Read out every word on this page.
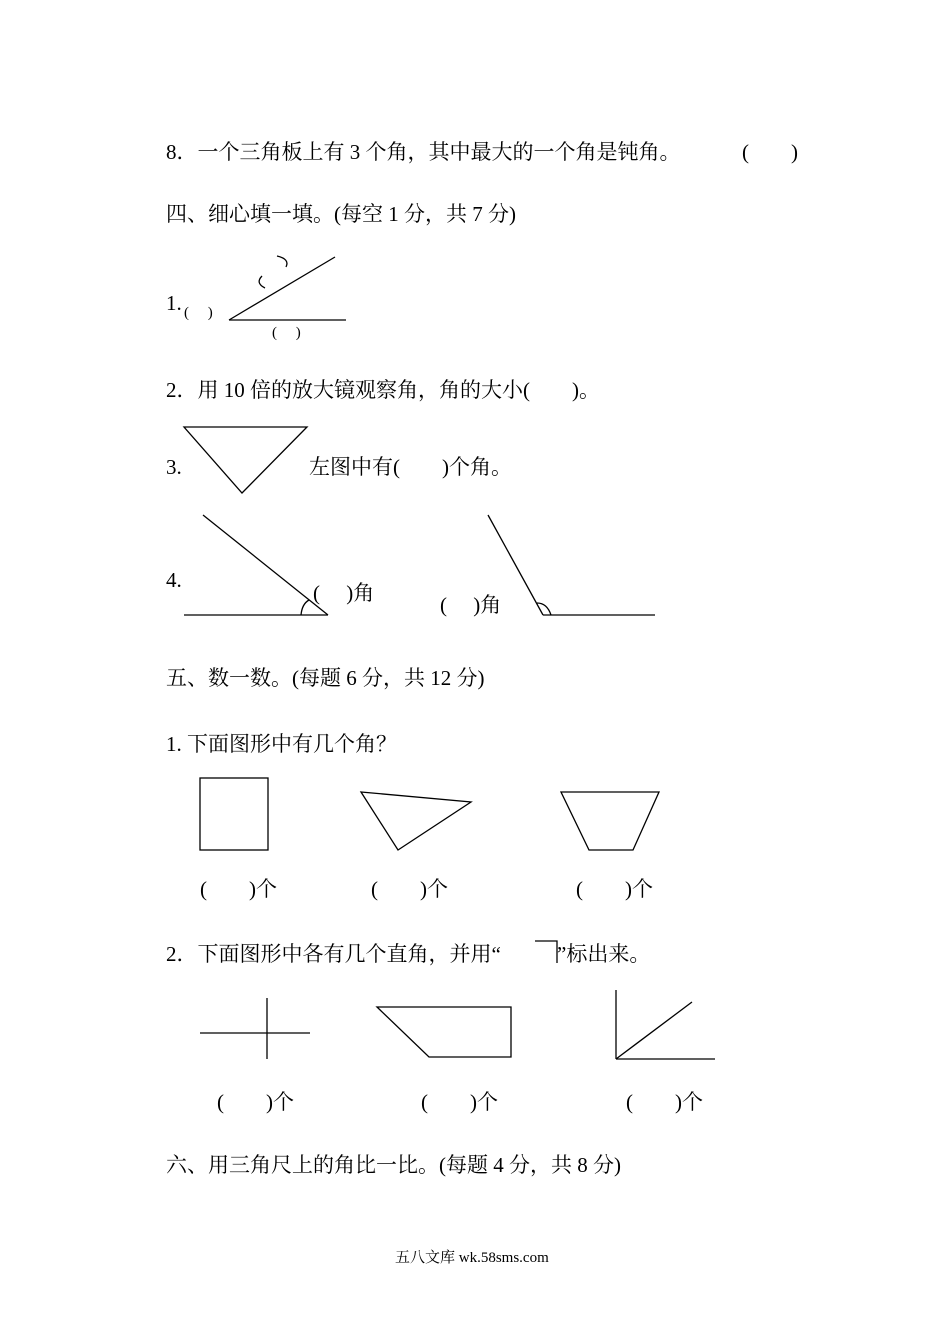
8．一个三角板上有 3 个角，其中最大的一个角是钝角。	(        )
四、细心填一填。(每空 1 分，共 7 分)
1. (     )
(     )
2．用 10 倍的放大镜观察角，角的大小(        )。
3.	左图中有(        )个角。
4.
(     )角	(     )角
五、数一数。(每题 6 分，共 12 分)
1. 下面图形中有几个角？
(        )个	(        )个	(        )个
2．下面图形中各有几个直角，并用“	”标出来。
(        )个	(        )个	(        )个
六、用三角尺上的角比一比。(每题 4 分，共 8 分)
五八文库 wk.58sms.com
